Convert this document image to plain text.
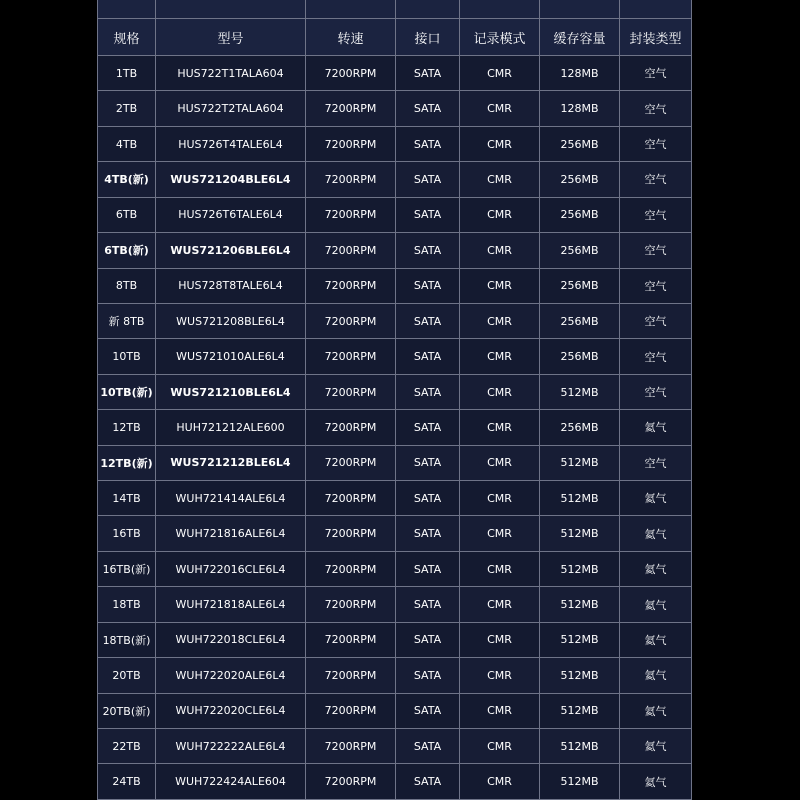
规格	型号	转速	接口	记录模式	缓存容量	封装类型
1TB	HUS722T1TALA604	7200RPM	SATA	CMR	128MB	空气
2TB	HUS722T2TALA604	7200RPM	SATA	CMR	128MB	空气
4TB	HUS726T4TALE6L4	7200RPM	SATA	CMR	256MB	空气
4TB(新)	WUS721204BLE6L4	7200RPM	SATA	CMR	256MB	空气
6TB	HUS726T6TALE6L4	7200RPM	SATA	CMR	256MB	空气
6TB(新)	WUS721206BLE6L4	7200RPM	SATA	CMR	256MB	空气
8TB	HUS728T8TALE6L4	7200RPM	SATA	CMR	256MB	空气
新 8TB	WUS721208BLE6L4	7200RPM	SATA	CMR	256MB	空气
10TB	WUS721010ALE6L4	7200RPM	SATA	CMR	256MB	空气
10TB(新)	WUS721210BLE6L4	7200RPM	SATA	CMR	512MB	空气
12TB	HUH721212ALE600	7200RPM	SATA	CMR	256MB	氦气
12TB(新)	WUS721212BLE6L4	7200RPM	SATA	CMR	512MB	空气
14TB	WUH721414ALE6L4	7200RPM	SATA	CMR	512MB	氦气
16TB	WUH721816ALE6L4	7200RPM	SATA	CMR	512MB	氦气
16TB(新)	WUH722016CLE6L4	7200RPM	SATA	CMR	512MB	氦气
18TB	WUH721818ALE6L4	7200RPM	SATA	CMR	512MB	氦气
18TB(新)	WUH722018CLE6L4	7200RPM	SATA	CMR	512MB	氦气
20TB	WUH722020ALE6L4	7200RPM	SATA	CMR	512MB	氦气
20TB(新)	WUH722020CLE6L4	7200RPM	SATA	CMR	512MB	氦气
22TB	WUH722222ALE6L4	7200RPM	SATA	CMR	512MB	氦气
24TB	WUH722424ALE604	7200RPM	SATA	CMR	512MB	氦气
